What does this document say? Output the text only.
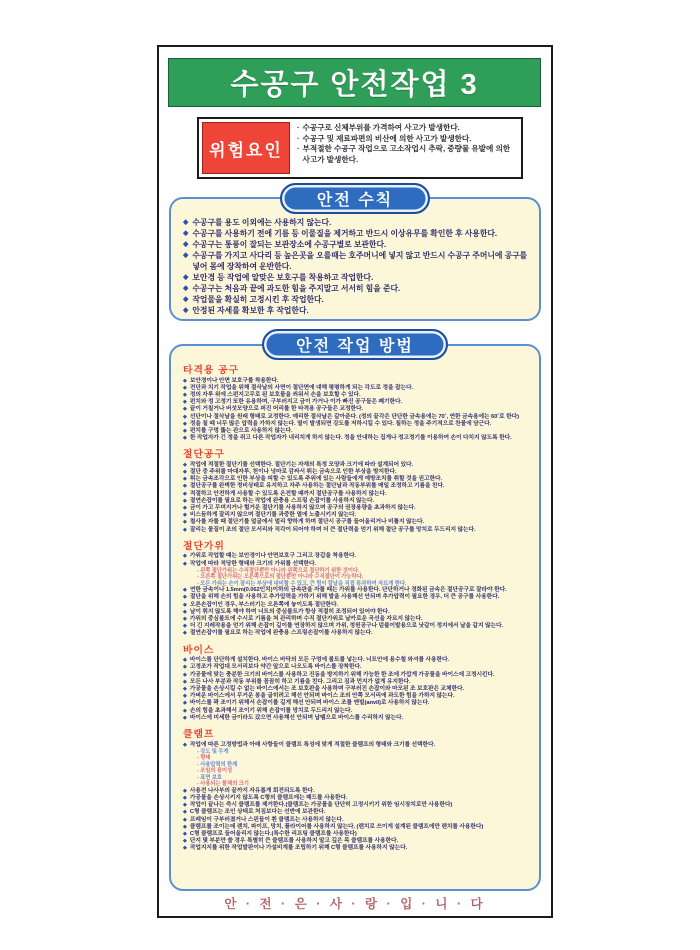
수공구 안전작업 3
위험요인
· 수공구로 신체부위를 가격하여 사고가 발생한다.
· 수공구 및 재료파편의 비산에 의한 사고가 발생한다.
· 부적절한 수공구 작업으로 고소작업시 추락, 중량물 유발에 의한 사고가 발생한다.
안전 수칙
◆ 수공구를 용도 이외에는 사용하지 않는다.
◆ 수공구를 사용하기 전에 기름 등 이물질을 제거하고 반드시 이상유무를 확인한 후 사용한다.
◆ 수공구는 통풍이 잘되는 보관장소에 수공구별로 보관한다.
◆ 수공구를 가지고 사다리 등 높은곳을 오를때는 호주머니에 넣지 않고 반드시 수공구 주머니에 공구를 넣어 몸에 장착하여 운반한다.
◆ 보안경 등 작업에 알맞은 보호구를 착용하고 작업한다.
◆ 수공구는 처음과 끝에 과도한 힘을 주지말고 서서히 힘을 준다.
◆ 작업물을 확실히 고정시킨 후 작업한다.
◆ 안정된 자세를 확보한 후 작업한다.
안전 작업 방법
타격용 공구
◆ 보안경이나 안면 보호구를 착용한다.
◆ 전단과 치기 작업을 위해 절삭날의 사면이 절단면에 대해 평평하게 되는 각도로 정을 잡는다.
◆ 정의 자루 위에 스펀지고무로 된 보호물을 씌워서 손을 보호할 수 있다.
◆ 펀치와 정 고정기 또한 유용하며, 구부러지고 금이 가거나 이가 빠진 공구들은 폐기한다.
◆ 끝이 거칠거나 버섯모양으로 퍼진 머리를 한 타격용 공구들은 교정한다.
◆ 선단이나 절삭날을 원래 형태로 교정한다. 예리한 절삭날은 갈아준다. (정의 끝각은 단단한 금속용에는 70˚, 연한 금속용에는 60˚로 한다)
◆ 정을 칠 때 너무 많은 압력을 가하지 않는다. 열이 발생되면 강도를 저하시킬 수 있다. 칠하는 정을 주기적으로 찬물에 담근다.
◆ 펀치를 구멍 뚫는 관으로 사용하지 않는다.
◆ 한 작업자가 긴 정을 쥐고 다른 작업자가 내리치게 하지 않는다. 정을 안내하는 집게나 정고정기를 이용하여 손이 다치지 않도록 한다.
절단공구
◆ 작업에 적절한 절단기를 선택한다. 절단기는 자재의 특정 모양과 크기에 따라 설계되어 있다.
◆ 절단 중 주위를 마대자루, 천이나 넝마로 감싸서 튀는 금속으로 인한 부상을 방지한다.
◆ 튀는 금속조각으로 인한 부상을 피할 수 있도록 주위에 있는 사람들에게 예방조치를 취할 것을 권고한다.
◆ 절단공구를 완벽한 정비상태로 유지하고 자주 사용하는 절단날과 작동부위를 매일 조정하고 기름을 친다.
◆ 적절하고 안전하게 사용할 수 있도록 온전할 때까지 절단공구를 사용하지 않는다.
◆ 절연손잡이를 필요로 하는 작업에 완충용 스프링 손잡이를 사용하지 않는다.
◆ 금이 가고 무뎌지거나 헐거운 절단기를 사용하지 않으며 공구의 권장용량을 초과하지 않는다.
◆ 비스듬하게 잘리지 않으며 절단기를 과중한 열에 노출시키지 않는다.
◆ 철사를 자를 때 절단기를 얼굴에서 멀리 향하게 하며 절단시 공구를 들어올리거나 비틀지 않는다.
◆ 잘리는 물질이 조의 절단 모서리와 직각이 되어야 하며 더 큰 절단력을 얻기 위해 절단 공구를 망치로 두드리지 않는다.
절단가위
◆ 가위로 작업할 때는 보안경이나 안면보호구 그리고 장갑을 착용한다.
◆ 작업에 따라 적당한 형태와 크기의 가위를 선택한다.
- 왼쪽 절단가위는 수직절단뿐만 아니라 왼쪽으로 절단하기 위한 것이다.
- 오른쪽 절단가위는 오른쪽으로의 절단뿐만 아니라 수직절단이 가능하다.
- 모든 가위는 손이 잘리는 부상에 대비할 수 있고, 큰 힘이 칼날을 직접 통과하여 자르게 한다.
◆ 연한 금속이나 1.5mm(0.062인치)이하의 금속판을 자를 때는 가위를 사용한다. 단단하거나 경화된 금속은 절단공구로 잘라야 한다.
◆ 절단을 위해 손의 힘을 사용하고 추가압력을 가하기 위해 발을 사용해선 안되며 추가압력이 필요한 경우, 더 큰 공구를 사용한다.
◆ 오른손잡이인 경우, 부스러기는 오른쪽에 놓이도록 절단한다.
◆ 날이 휘지 않도록 해야 하며 너트의 중심볼트가 항상 적절히 조정되어 있어야 한다.
◆ 가위의 중심볼트에 수시로 기름을 쳐 관리하며 수직 절단가위로 날카로운 곡선을 자르지 않는다.
◆ 더 긴 지레작용을 얻기 위해 손잡이 길이를 연장하지 않으며 가위, 정원공구나 덤불이발용으로 낫같이 정지에서 날을 갈지 않는다.
◆ 절연손잡이를 필요로 하는 작업에 완충용 스프링손잡이를 사용하지 않는다.
바이스
◆ 바이스를 단단하게 설치한다. 바이스 바닥의 모든 구멍에 볼트를 넣는다. 너트안에 용수철 와셔를 사용한다.
◆ 고정조가 작업대 모서리보다 약간 앞으로 나오도록 바이스를 장착한다.
◆ 가공물에 맞는 충분한 크기의 바이스를 사용하고 진동을 방지하기 위해 가능한 한 조에 가깝게 가공물을 바이스에 고정시킨다.
◆ 모든 나사 부분과 작동 부위를 꼼꼼히 하고 기름을 친다. 그리고 짐과 먼지가 없게 유지한다.
◆ 가공물을 손상시킬 수 없는 바이스에서는 조 보호판을 사용하며 구부러진 손잡이와 마모된 조 보호판은 교체한다.
◆ 가벼운 바이스에서 무거운 봉을 굽히려고 해선 안되며 바이스 조의 안쪽 모서리에 과도한 힘을 가하지 않는다.
◆ 바이스를 꽉 조이기 위해서 손잡이를 길게 해선 안되며 바이스 조를 앤빌(anvil)로 사용하지 않는다.
◆ 손의 힘을 초과해서 조이기 위해 손잡이를 망치로 두드리지 않는다.
◆ 바이스에 미세한 금이라도 갔으면 사용해선 안되며 납땜으로 바이스를 수리하지 않는다.
클램프
◆ 작업에 따른 고정방법과 아래 사항들이 클램프 특성에 맞게 적절한 클램프의 형태와 크기를 선택한다.
- 강도 및 무게
- 형태
- 사용압력의 한계
- 조임의 용이성
- 표면 보호
- 사용되는 물체의 크기
◆ 사용전 나사부의 끝까지 자유롭게 회전되도록 한다.
◆ 가공물을 손상시키지 않도록 C형의 클램프에는 패드를 사용한다.
◆ 작업이 끝나는 즉시 클램프를 제거한다.(클램프는 가공물을 단단히 고정시키기 위한 임시장치로만 사용한다)
◆ C형 클램프는 조인 상태로 처짐보다는 선반에 보관한다.
◆ 프레임이 구부러졌거나 스핀들이 휜 클램프는 사용하지 않는다.
◆ 클램프를 조이는데 렌치, 파이프, 망치, 플라이어를 사용하지 않는다. (렌치로 쓰이게 설계된 클램프에만 렌치를 사용한다)
◆ C형 클램프로 들어올리지 않는다.(특수한 리프팅 클램프를 사용한다)
◆ 단지 몇 부분만 쓸 경우 특별히 큰 클램프를 사용하지 말고 깊은 목 클램프를 사용한다.
◆ 작업지지를 위한 작업발판이나 가설비계를 조립하기 위해 C형 클램프를 사용하지 않는다.
안 · 전 · 은 · 사 · 랑 · 입 · 니 · 다
